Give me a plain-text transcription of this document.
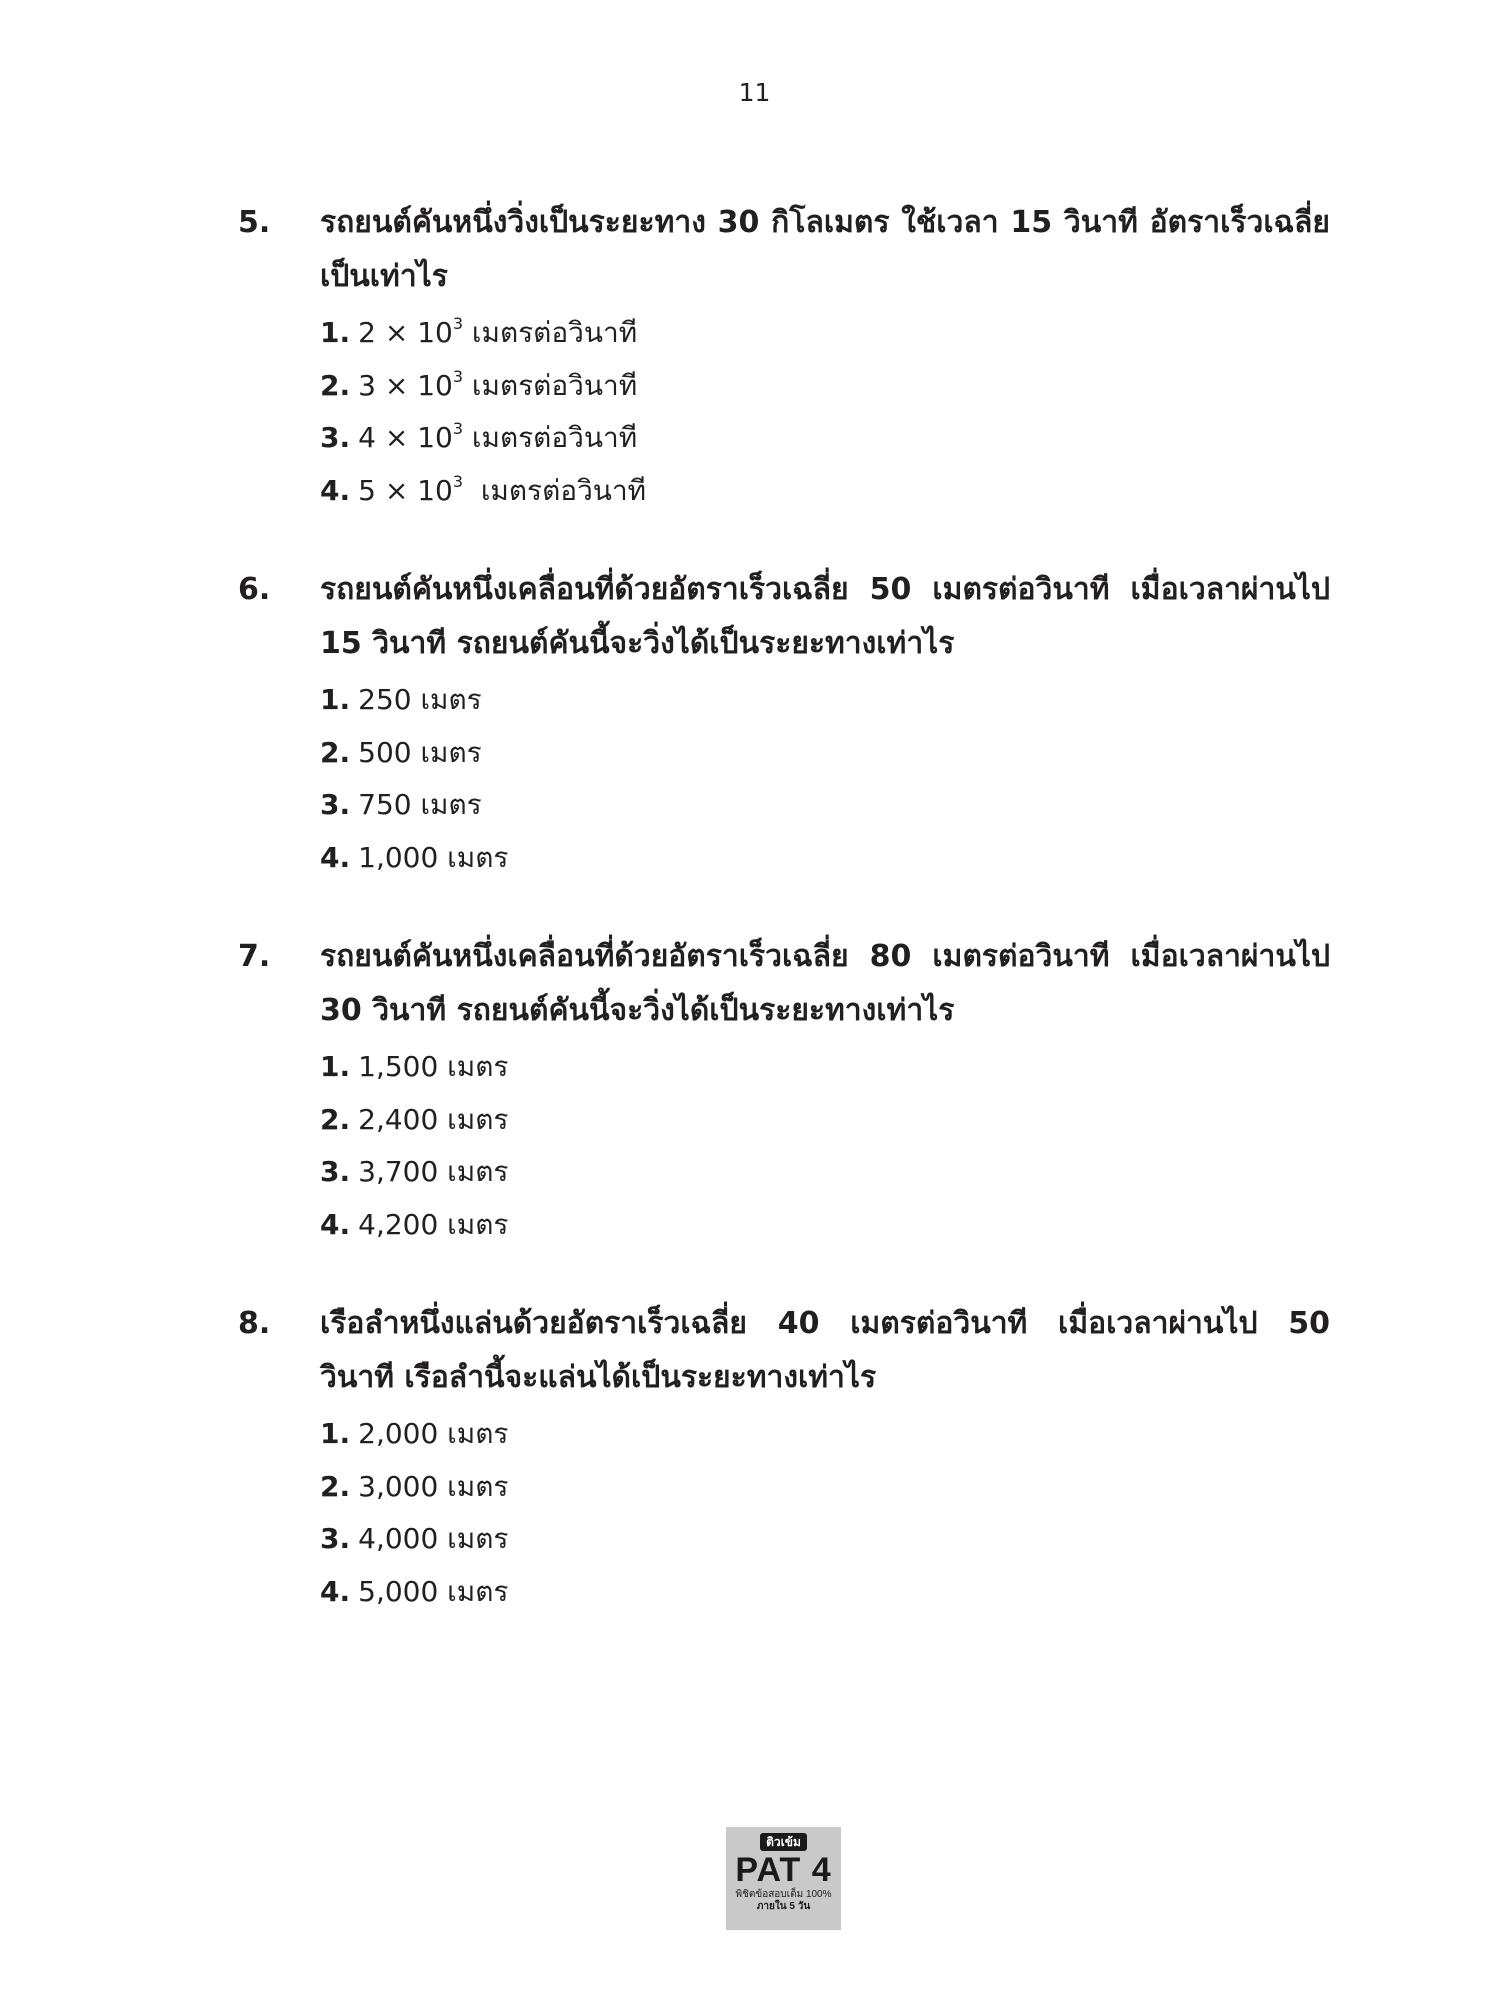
11
5.	รถยนต์คันหนึ่งวิ่งเป็นระยะทาง 30 กิโลเมตร ใช้เวลา 15 วินาที อัตราเร็วเฉลี่ยเป็นเท่าไร
1. $2 \times 10^3$ เมตรต่อวินาที
2. $3 \times 10^3$ เมตรต่อวินาที
3. $4 \times 10^3$ เมตรต่อวินาที
4. $5 \times 10^3$  เมตรต่อวินาที
6.	รถยนต์คันหนึ่งเคลื่อนที่ด้วยอัตราเร็วเฉลี่ย 50 เมตรต่อวินาที เมื่อเวลาผ่านไป 15 วินาที รถยนต์คันนี้จะวิ่งได้เป็นระยะทางเท่าไร
1. 250 เมตร
2. 500 เมตร
3. 750 เมตร
4. 1,000 เมตร
7.	รถยนต์คันหนึ่งเคลื่อนที่ด้วยอัตราเร็วเฉลี่ย 80 เมตรต่อวินาที เมื่อเวลาผ่านไป 30 วินาที รถยนต์คันนี้จะวิ่งได้เป็นระยะทางเท่าไร
1. 1,500 เมตร
2. 2,400 เมตร
3. 3,700 เมตร
4. 4,200 เมตร
8.	เรือลำหนึ่งแล่นด้วยอัตราเร็วเฉลี่ย 40 เมตรต่อวินาที เมื่อเวลาผ่านไป 50 วินาที เรือลำนี้จะแล่นได้เป็นระยะทางเท่าไร
1. 2,000 เมตร
2. 3,000 เมตร
3. 4,000 เมตร
4. 5,000 เมตร
ติวเข้ม
PAT 4
พิชิตข้อสอบเต็ม 100%
ภายใน 5 วัน
